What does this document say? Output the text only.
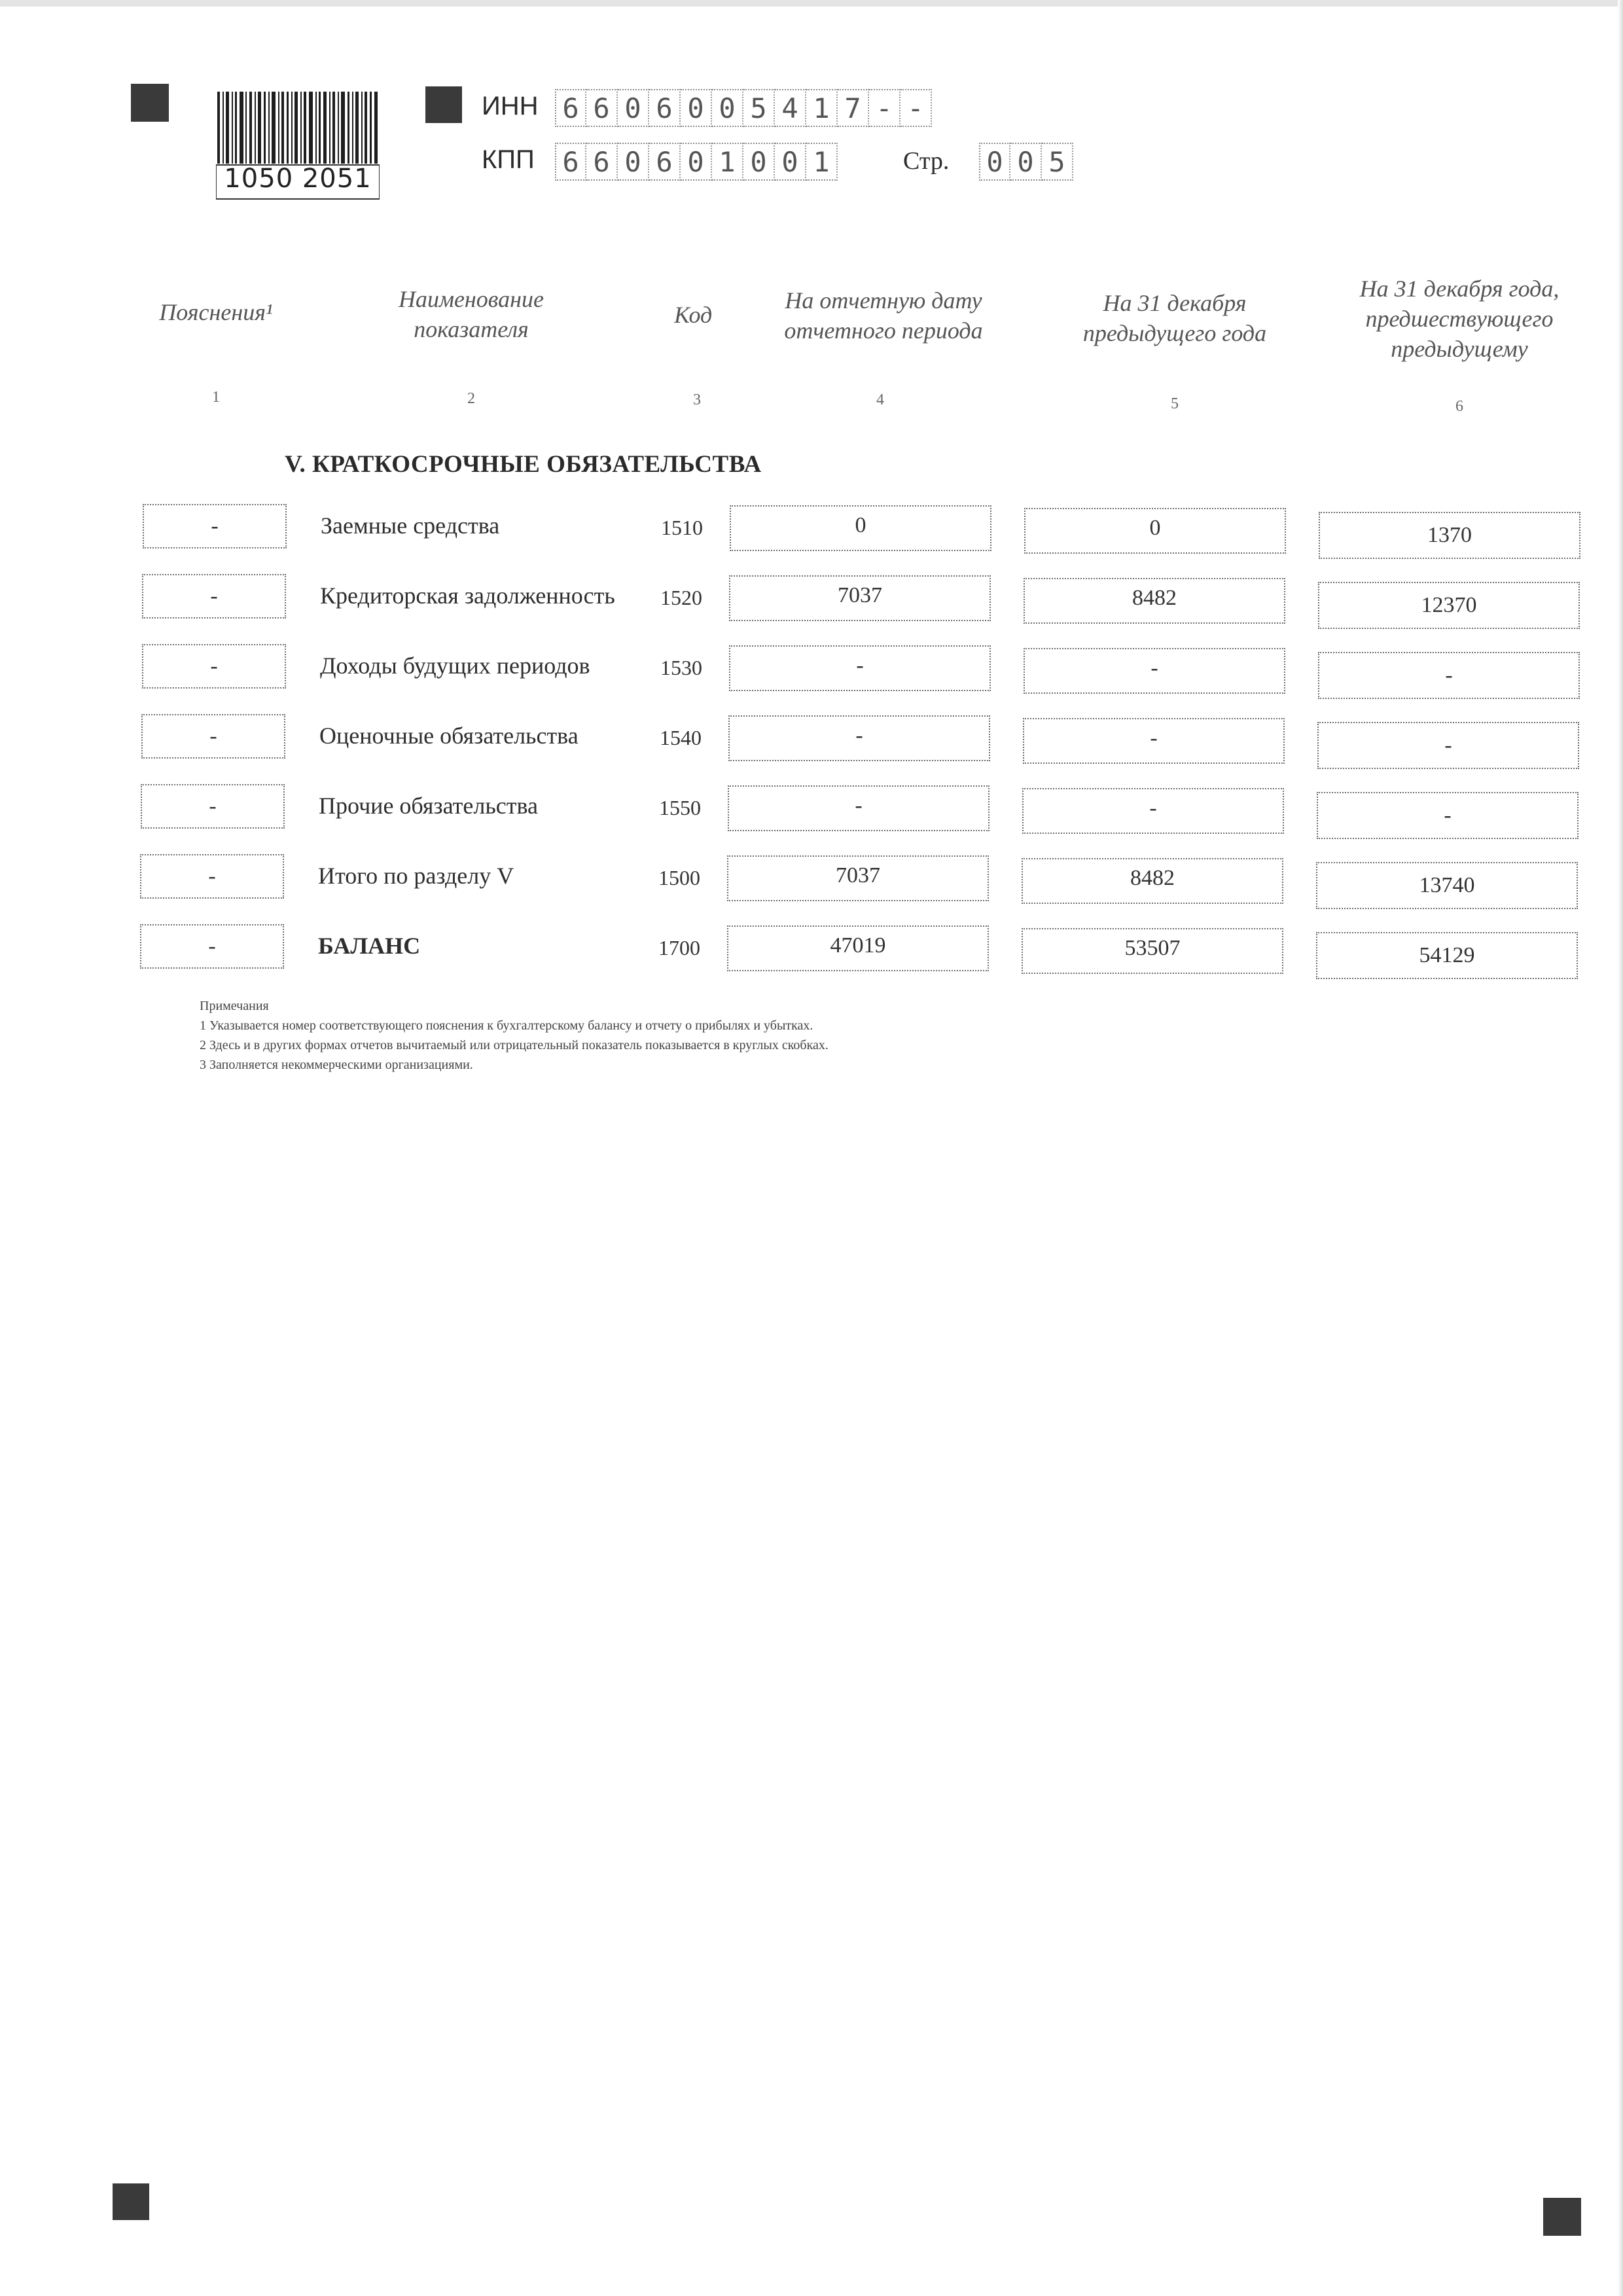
1050 2051
ИНН 6 6 0 6 0 0 5 4 1 7 - -
КПП 6 6 0 6 0 1 0 0 1	Стр. 0 0 5
Пояснения¹	Наименование
показателя
Код
На отчетную дату
отчетного периода
На 31 декабря
предыдущего года
На 31 декабря года,
предшествующего
предыдущему
1	2	3	4	5	6
V. КРАТКОСРОЧНЫЕ ОБЯЗАТЕЛЬСТВА
-	Заемные средства	1510	0	0	1370
-	Кредиторская задолженность 1520	7037	8482	12370
-	Доходы будущих периодов	1530	-	-	-
-	Оценочные обязательства	1540	-	-	-
-	Прочие обязательства	1550	-	-	-
-	Итого по разделу V	1500	7037	8482	13740
-	БАЛАНС	1700	47019	53507	54129
Примечания
1 Указывается номер соответствующего пояснения к бухгалтерскому балансу и отчету о прибылях и убытках.
2 Здесь и в других формах отчетов вычитаемый или отрицательный показатель показывается в круглых скобках.
3 Заполняется некоммерческими организациями.
